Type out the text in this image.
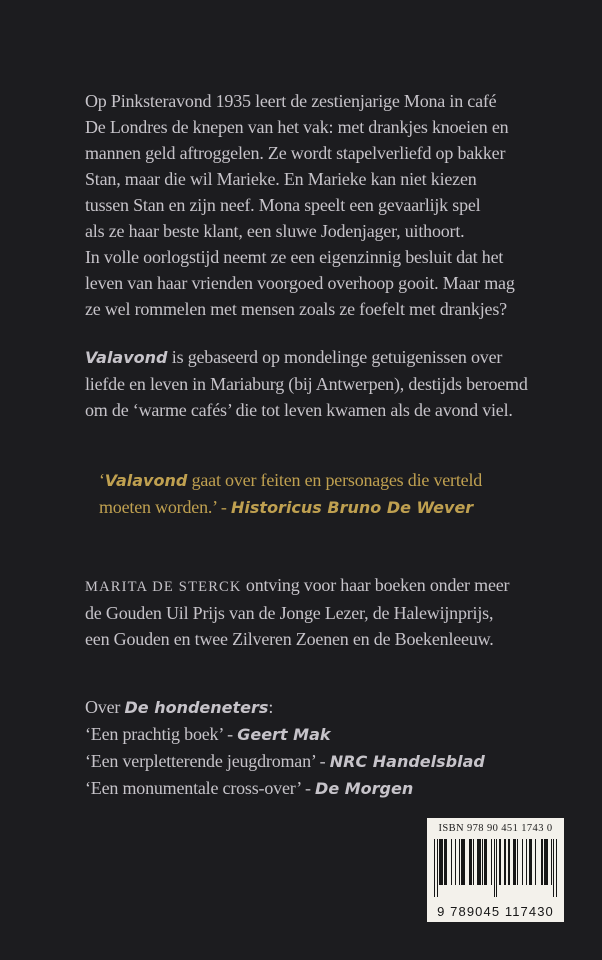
Op Pinksteravond 1935 leert de zestienjarige Mona in café
De Londres de knepen van het vak: met drankjes knoeien en
mannen geld aftroggelen. Ze wordt stapelverliefd op bakker
Stan, maar die wil Marieke. En Marieke kan niet kiezen
tussen Stan en zijn neef. Mona speelt een gevaarlijk spel
als ze haar beste klant, een sluwe Jodenjager, uithoort.
In volle oorlogstijd neemt ze een eigenzinnig besluit dat het
leven van haar vrienden voorgoed overhoop gooit. Maar mag
ze wel rommelen met mensen zoals ze foefelt met drankjes?
Valavond is gebaseerd op mondelinge getuigenissen over
liefde en leven in Mariaburg (bij Antwerpen), destijds beroemd
om de ‘warme cafés’ die tot leven kwamen als de avond viel.
‘Valavond gaat over feiten en personages die verteld
moeten worden.’ - Historicus Bruno De Wever
MARITA DE STERCK ontving voor haar boeken onder meer
de Gouden Uil Prijs van de Jonge Lezer, de Halewijnprijs,
een Gouden en twee Zilveren Zoenen en de Boekenleeuw.
Over De hondeneters:
‘Een prachtig boek’ - Geert Mak
‘Een verpletterende jeugdroman’ - NRC Handelsblad
‘Een monumentale cross-over’ - De Morgen
ISBN 978 90 451 1743 0
9 789045 117430
